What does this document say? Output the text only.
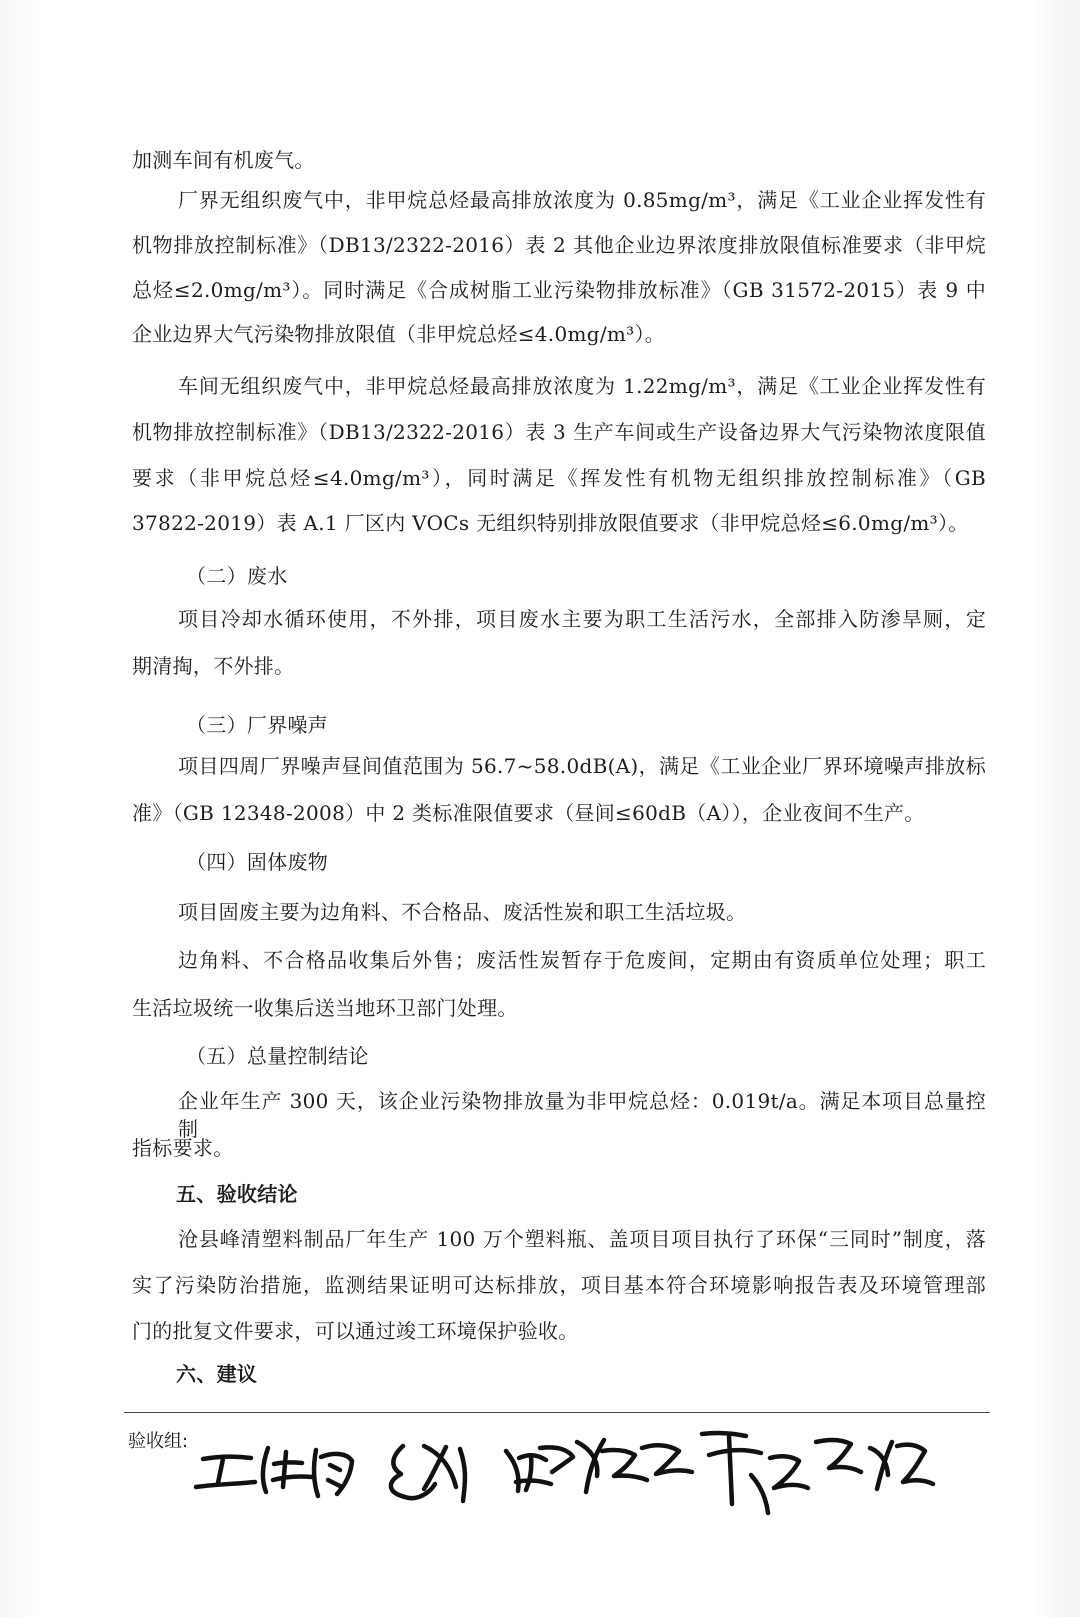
加测车间有机废气。

厂界无组织废气中，非甲烷总烃最高排放浓度为 0.85mg/m³，满足《工业企业挥发性有

机物排放控制标准》（DB13/2322-2016）表 2 其他企业边界浓度排放限值标准要求（非甲烷

总烃≤2.0mg/m³）。同时满足《合成树脂工业污染物排放标准》（GB 31572-2015）表 9 中

企业边界大气污染物排放限值（非甲烷总烃≤4.0mg/m³）。

车间无组织废气中，非甲烷总烃最高排放浓度为 1.22mg/m³，满足《工业企业挥发性有

机物排放控制标准》（DB13/2322-2016）表 3 生产车间或生产设备边界大气污染物浓度限值

要求（非甲烷总烃≤4.0mg/m³），同时满足《挥发性有机物无组织排放控制标准》（GB

37822-2019）表 A.1 厂区内 VOCs 无组织特别排放限值要求（非甲烷总烃≤6.0mg/m³）。

（二）废水

项目冷却水循环使用，不外排，项目废水主要为职工生活污水，全部排入防渗旱厕，定

期清掏，不外排。

（三）厂界噪声

项目四周厂界噪声昼间值范围为 56.7~58.0dB(A)，满足《工业企业厂界环境噪声排放标

准》（GB 12348-2008）中 2 类标准限值要求（昼间≤60dB（A）），企业夜间不生产。

（四）固体废物

项目固废主要为边角料、不合格品、废活性炭和职工生活垃圾。

边角料、不合格品收集后外售；废活性炭暂存于危废间，定期由有资质单位处理；职工

生活垃圾统一收集后送当地环卫部门处理。

（五）总量控制结论

企业年生产 300 天，该企业污染物排放量为非甲烷总烃：0.019t/a。满足本项目总量控制

指标要求。

五、验收结论

沧县峰清塑料制品厂年生产 100 万个塑料瓶、盖项目项目执行了环保“三同时”制度，落

实了污染防治措施，监测结果证明可达标排放，项目基本符合环境影响报告表及环境管理部

门的批复文件要求，可以通过竣工环境保护验收。

六、建议

验收组:
